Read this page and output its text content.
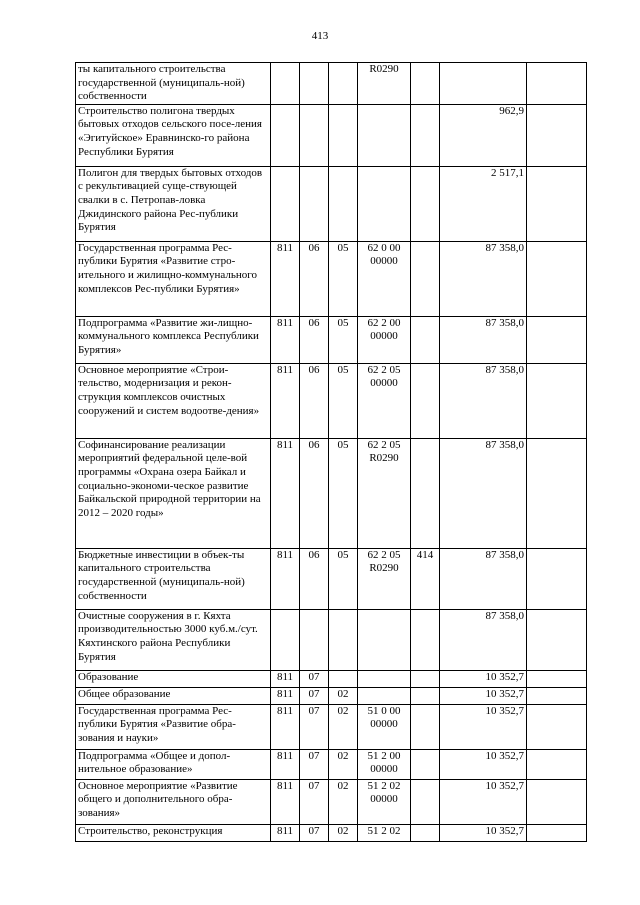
413
ты капитального строительства государственной (муниципаль-ной) собственности				R0290			
Строительство полигона твердых бытовых отходов сельского посе-ления «Эгитуйское» Еравнинско-го района Республики Бурятия						962,9	
Полигон для твердых бытовых отходов с рекультивацией суще-ствующей свалки в с. Петропав-ловка Джидинского района Рес-публики Бурятия						2 517,1	
Государственная программа Рес-публики Бурятия «Развитие стро-ительного и жилищно-коммунального комплексов Рес-публики Бурятия»	811	06	05	62 0 00 00000		87 358,0	
Подпрограмма «Развитие жи-лищно-коммунального комплекса Республики Бурятия»	811	06	05	62 2 00 00000		87 358,0	
Основное мероприятие «Строи-тельство, модернизация и рекон-струкция комплексов очистных сооружений и систем водоотве-дения»	811	06	05	62 2 05 00000		87 358,0	
Софинансирование реализации мероприятий федеральной целе-вой программы «Охрана озера Байкал и социально-экономи-ческое развитие Байкальской природной территории на 2012 – 2020 годы»	811	06	05	62 2 05 R0290		87 358,0	
Бюджетные инвестиции в объек-ты капитального строительства государственной (муниципаль-ной) собственности	811	06	05	62 2 05 R0290	414	87 358,0	
Очистные сооружения в г. Кяхта производительностью 3000 куб.м./сут. Кяхтинского района Республики Бурятия						87 358,0	
Образование	811	07				10 352,7	
Общее образование	811	07	02			10 352,7	
Государственная программа Рес-публики Бурятия «Развитие обра-зования и науки»	811	07	02	51 0 00 00000		10 352,7	
Подпрограмма «Общее и допол-нительное образование»	811	07	02	51 2 00 00000		10 352,7	
Основное мероприятие «Развитие общего и дополнительного обра-зования»	811	07	02	51 2 02 00000		10 352,7	
Строительство, реконструкция	811	07	02	51 2 02		10 352,7	
